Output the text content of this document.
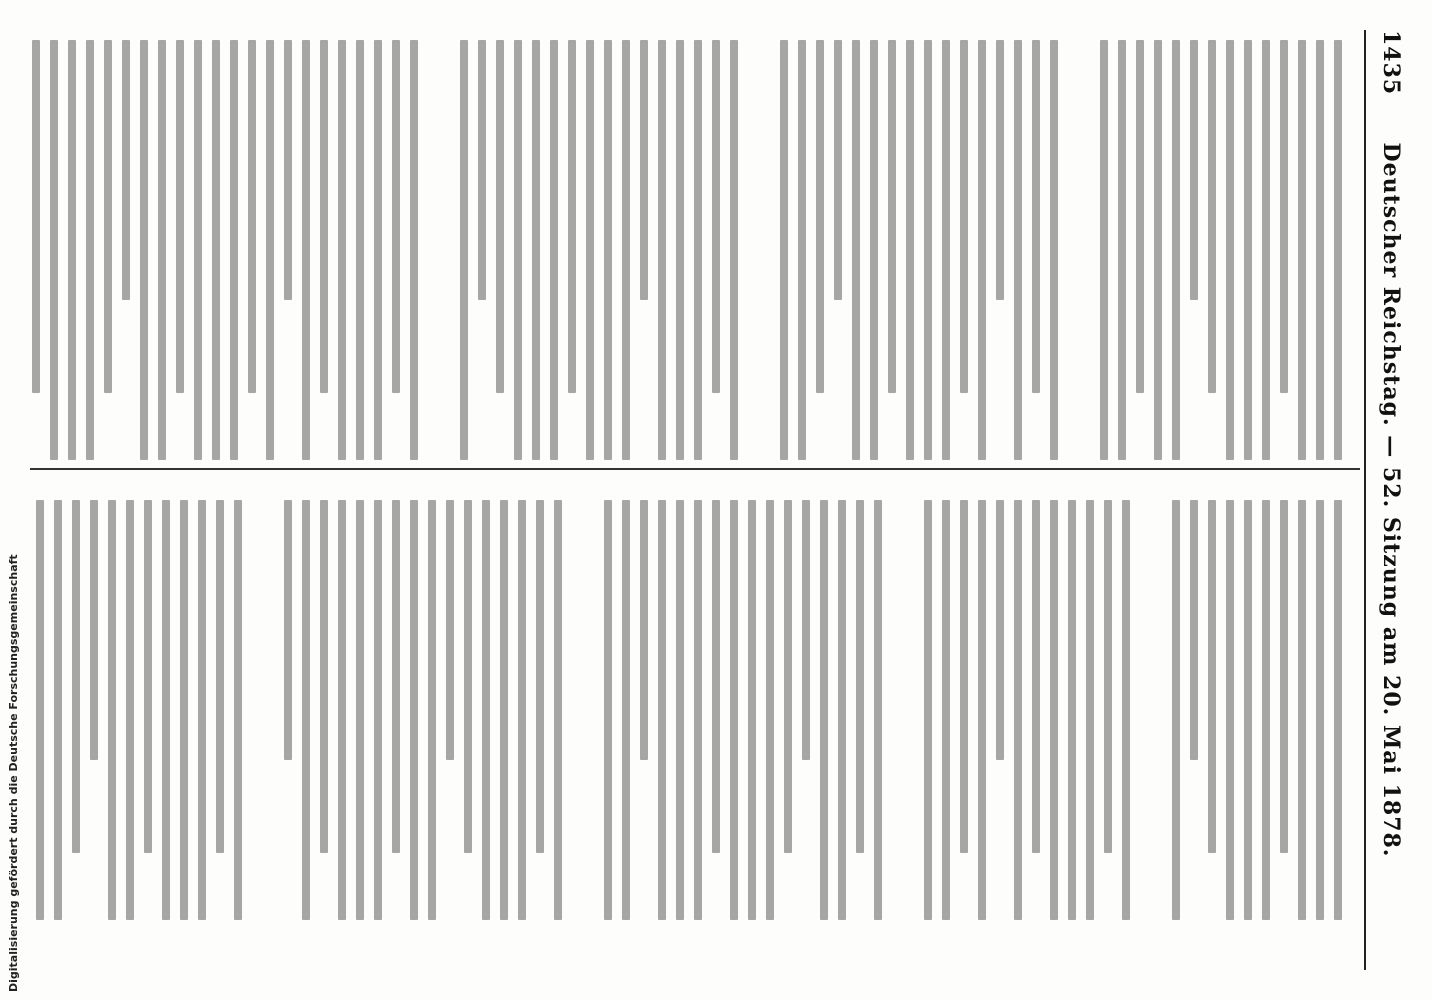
1435
Deutscher Reichstag. — 52. Sitzung am 20. Mai 1878.
Digitalisierung gefördert durch die Deutsche Forschungsgemeinschaft
